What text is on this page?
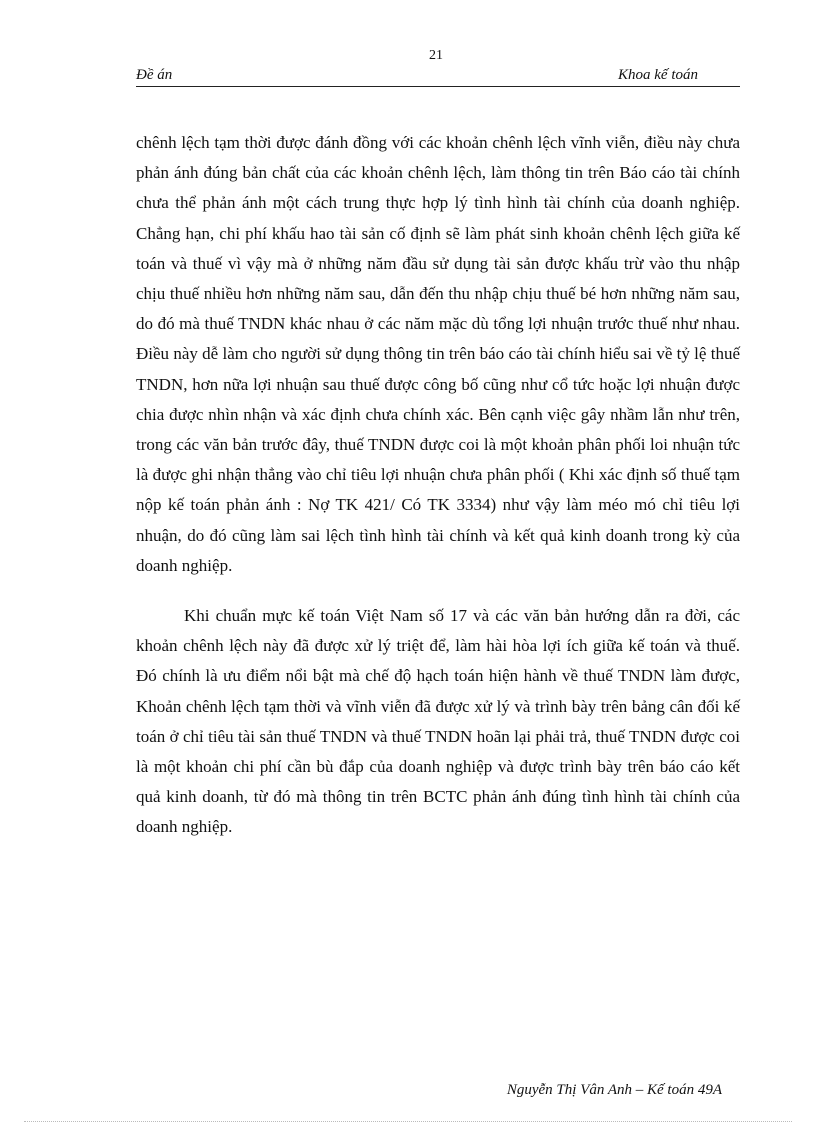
21
Đề án	Khoa kế toán

chênh lệch tạm thời được đánh đồng với các khoản chênh lệch vĩnh viễn, điều này chưa phản ánh đúng bản chất của các khoản chênh lệch, làm thông tin trên Báo cáo tài chính chưa thể phản ánh một cách trung thực hợp lý tình hình tài chính của doanh nghiệp. Chẳng hạn, chi phí khấu hao tài sản cố định sẽ làm phát sinh khoản chênh lệch giữa kế toán và thuế vì vậy mà ở những năm đầu sử dụng tài sản được khấu trừ vào thu nhập chịu thuế nhiều hơn những năm sau, dẫn đến thu nhập chịu thuế bé hơn những năm sau, do đó mà thuế TNDN khác nhau ở các năm mặc dù tổng lợi nhuận trước thuế như nhau. Điều này dễ làm cho người sử dụng thông tin trên báo cáo tài chính hiểu sai về tỷ lệ thuế TNDN, hơn nữa lợi nhuận sau thuế được công bố cũng như cổ tức hoặc lợi nhuận được chia được nhìn nhận và xác định chưa chính xác. Bên cạnh việc gây nhầm lẫn như trên, trong các văn bản trước đây, thuế TNDN được coi là một khoản phân phối loi nhuận tức là được ghi nhận thẳng vào chỉ tiêu lợi nhuận chưa phân phối ( Khi xác định số thuế tạm nộp kế toán phản ánh : Nợ TK 421/ Có TK 3334) như vậy làm méo mó chỉ tiêu lợi nhuận, do đó cũng làm sai lệch tình hình tài chính và kết quả kinh doanh trong kỳ của doanh nghiệp.

Khi chuẩn mực kế toán Việt Nam số 17 và các văn bản hướng dẫn ra đời, các khoản chênh lệch này đã được xử lý triệt để, làm hài hòa lợi ích giữa kế toán và thuế. Đó chính là ưu điểm nổi bật mà chế độ hạch toán hiện hành về thuế TNDN làm được, Khoản chênh lệch tạm thời và vĩnh viễn đã được xử lý và trình bày trên bảng cân đối kế toán ở chỉ tiêu tài sản thuế TNDN và thuế TNDN hoãn lại phải trả, thuế TNDN được coi là một khoản chi phí cần bù đắp của doanh nghiệp và được trình bày trên báo cáo kết quả kinh doanh, từ đó mà thông tin trên BCTC phản ánh đúng tình hình tài chính của doanh nghiệp.

Nguyễn Thị Vân Anh – Kế toán 49A
